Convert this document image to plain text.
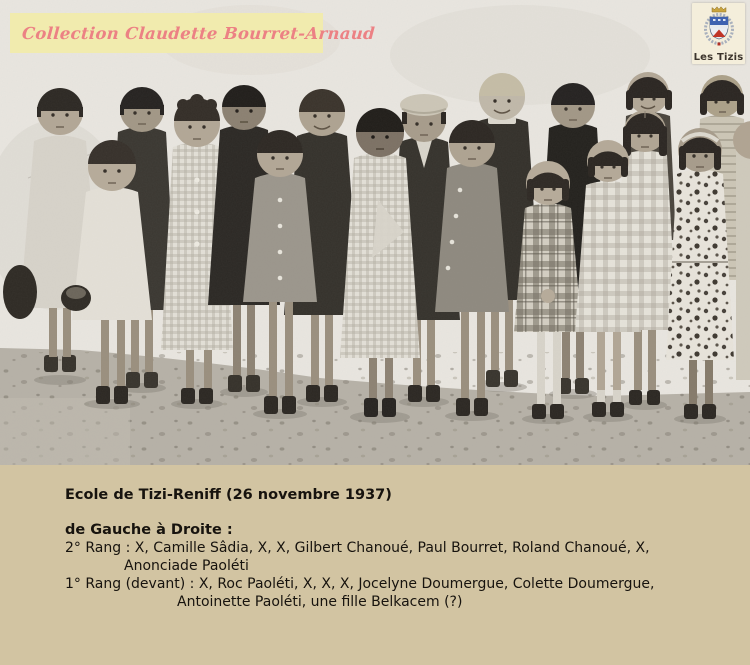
Collection Claudette Bourret-Arnaud
Les Tizis
Ecole de Tizi-Reniff (26 novembre 1937)
de Gauche à Droite :
2° Rang : X, Camille Sâdia, X, X, Gilbert Chanoué, Paul Bourret, Roland Chanoué, X,
Anonciade Paoléti
1° Rang (devant) : X, Roc Paoléti, X, X, X, Jocelyne Doumergue, Colette Doumergue,
Antoinette Paoléti, une fille Belkacem (?)
